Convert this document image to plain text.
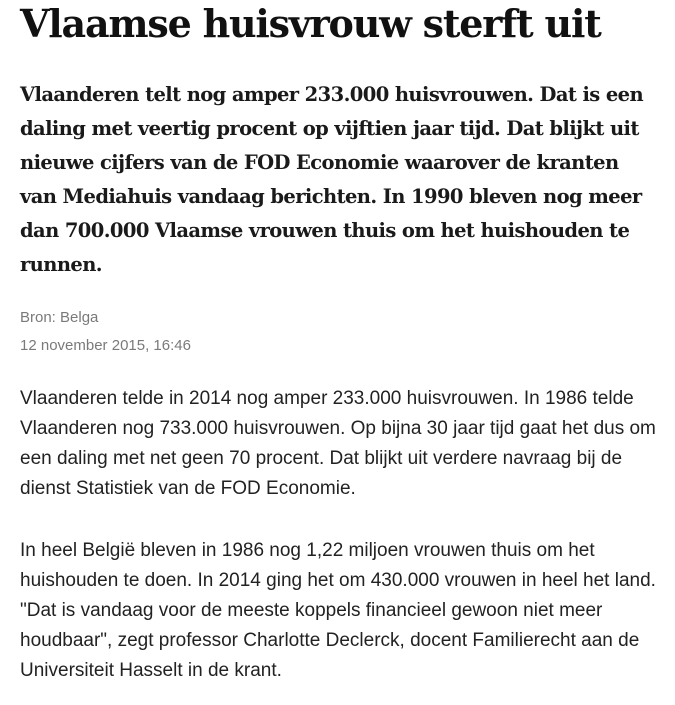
Vlaamse huisvrouw sterft uit

Vlaanderen telt nog amper 233.000 huisvrouwen. Dat is een daling met veertig procent op vijftien jaar tijd. Dat blijkt uit nieuwe cijfers van de FOD Economie waarover de kranten van Mediahuis vandaag berichten. In 1990 bleven nog meer dan 700.000 Vlaamse vrouwen thuis om het huishouden te runnen.

Bron: Belga
12 november 2015, 16:46

Vlaanderen telde in 2014 nog amper 233.000 huisvrouwen. In 1986 telde Vlaanderen nog 733.000 huisvrouwen. Op bijna 30 jaar tijd gaat het dus om een daling met net geen 70 procent. Dat blijkt uit verdere navraag bij de dienst Statistiek van de FOD Economie.

In heel België bleven in 1986 nog 1,22 miljoen vrouwen thuis om het huishouden te doen. In 2014 ging het om 430.000 vrouwen in heel het land. "Dat is vandaag voor de meeste koppels financieel gewoon niet meer houdbaar", zegt professor Charlotte Declerck, docent Familierecht aan de Universiteit Hasselt in de krant.
